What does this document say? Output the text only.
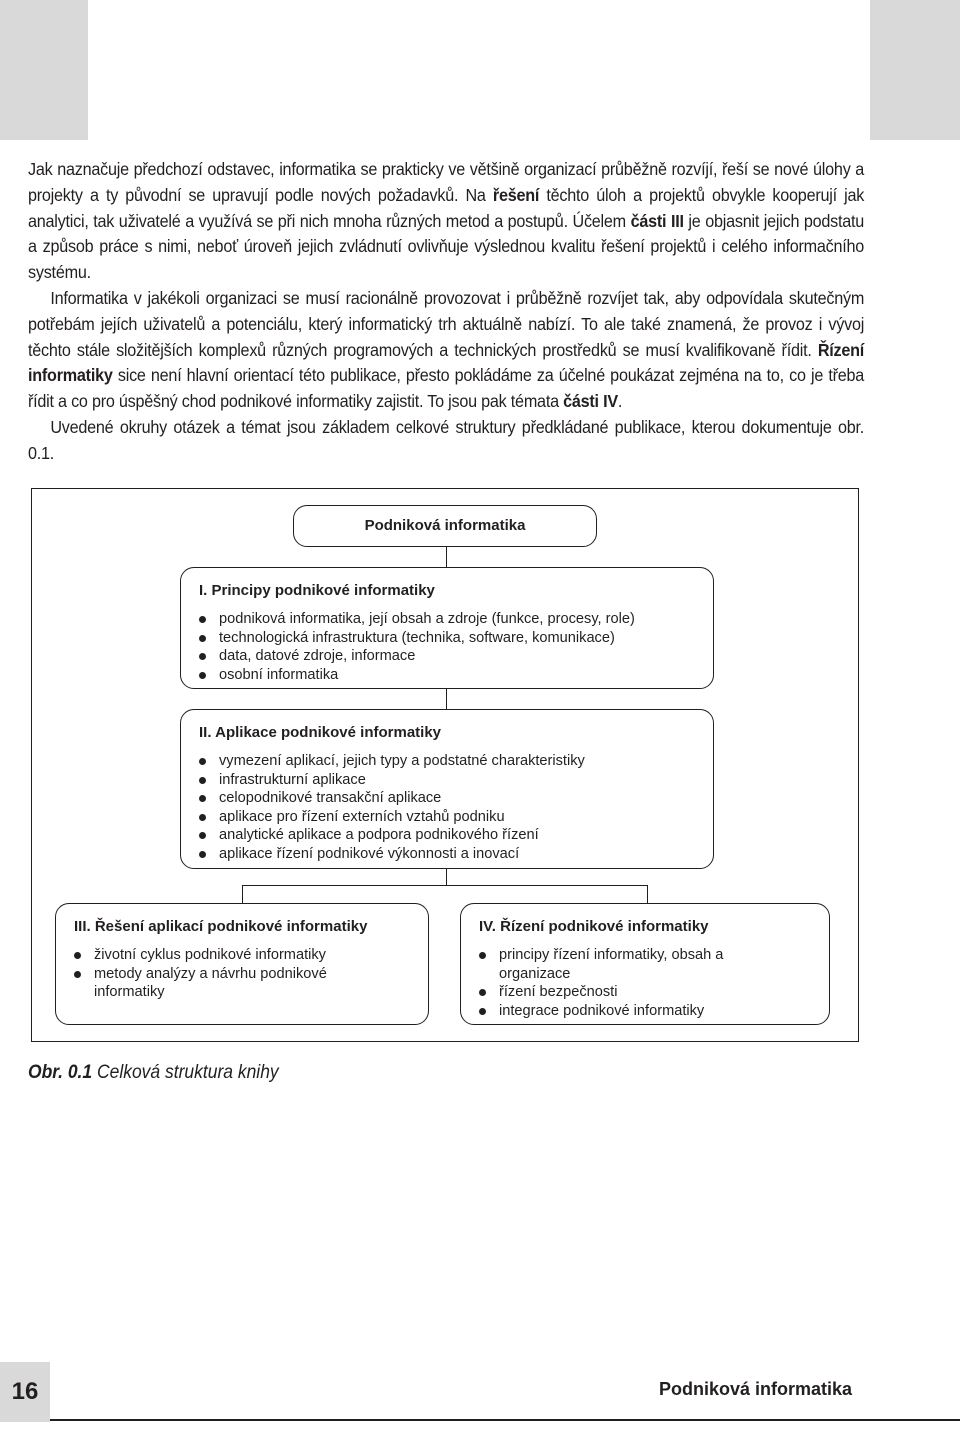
Jak naznačuje předchozí odstavec, informatika se prakticky ve většině organizací průběžně rozvíjí, řeší se nové úlohy a projekty a ty původní se upravují podle nových požadavků. Na řešení těchto úloh a projektů obvykle kooperují jak analytici, tak uživatelé a využívá se při nich mnoha různých metod a postupů. Účelem části III je objasnit jejich podstatu a způsob práce s nimi, neboť úroveň jejich zvládnutí ovlivňuje výslednou kvalitu řešení projektů i celého informačního systému.

Informatika v jakékoli organizaci se musí racionálně provozovat i průběžně rozvíjet tak, aby odpovídala skutečným potřebám jejích uživatelů a potenciálu, který informatický trh aktuálně nabízí. To ale také znamená, že provoz i vývoj těchto stále složitějších komplexů různých programových a technických prostředků se musí kvalifikovaně řídit. Řízení informatiky sice není hlavní orientací této publikace, přesto pokládáme za účelné poukázat zejména na to, co je třeba řídit a co pro úspěšný chod podnikové informatiky zajistit. To jsou pak témata části IV.

Uvedené okruhy otázek a témat jsou základem celkové struktury předkládané publikace, kterou dokumentuje obr. 0.1.

Podniková informatika
I. Principy podnikové informatiky
podniková informatika, její obsah a zdroje (funkce, procesy, role)
technologická infrastruktura (technika, software, komunikace)
data, datové zdroje, informace
osobní informatika
II. Aplikace podnikové informatiky
vymezení aplikací, jejich typy a podstatné charakteristiky
infrastrukturní aplikace
celopodnikové transakční aplikace
aplikace pro řízení externích vztahů podniku
analytické aplikace a podpora podnikového řízení
aplikace řízení podnikové výkonnosti a inovací
III. Řešení aplikací podnikové informatiky
životní cyklus podnikové informatiky
metody analýzy a návrhu podnikové informatiky
IV. Řízení podnikové informatiky
principy řízení informatiky, obsah a organizace
řízení bezpečnosti
integrace podnikové informatiky
Obr. 0.1 Celková struktura knihy
16	Podniková informatika
